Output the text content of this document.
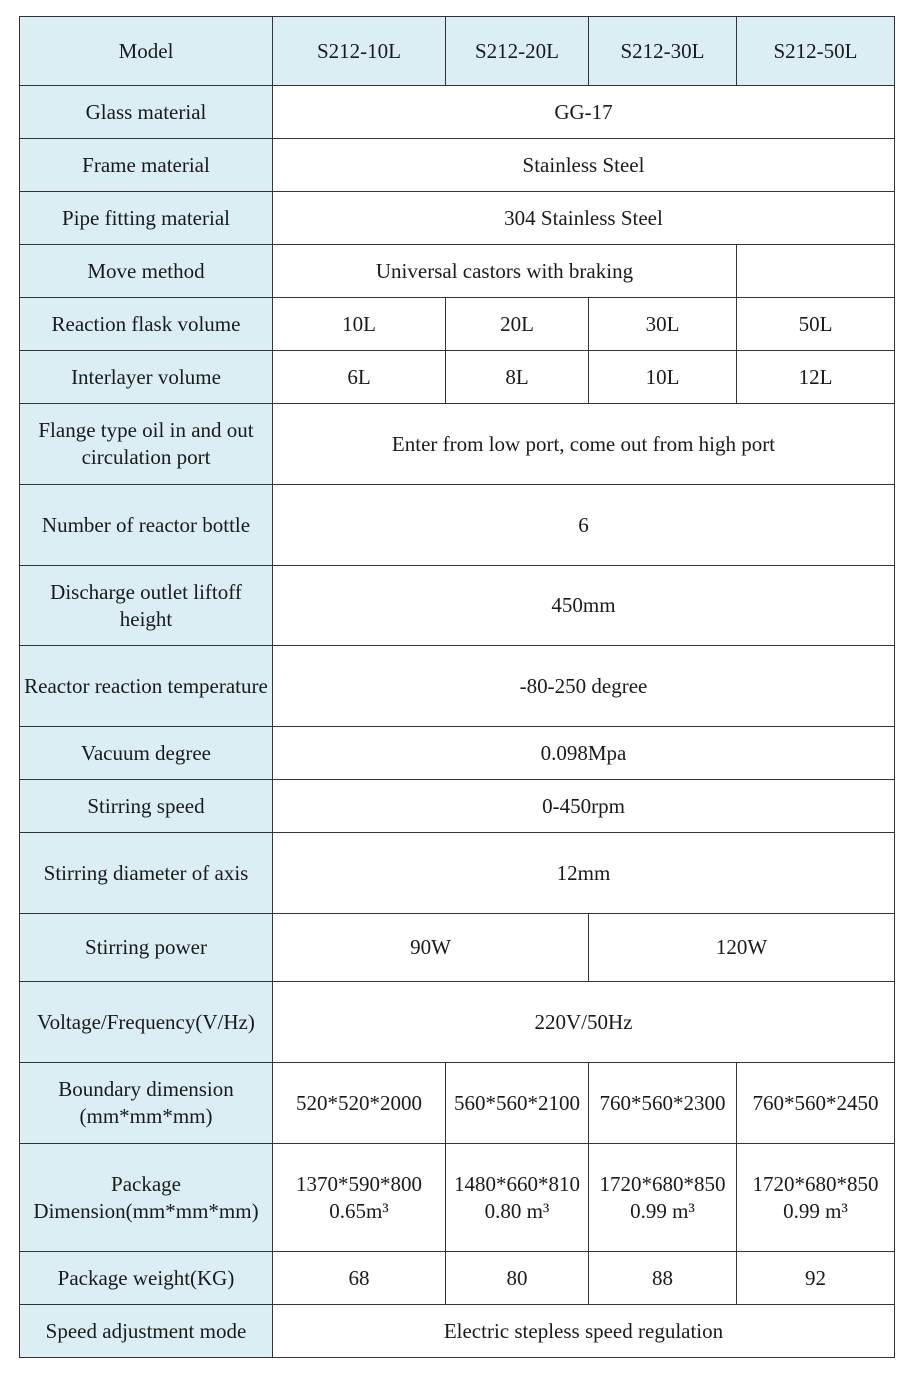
Model	S212-10L	S212-20L	S212-30L	S212-50L
Glass material	GG-17			
Frame material	Stainless Steel			
Pipe fitting material	304 Stainless Steel			
Move method	Universal castors with braking			
Reaction flask volume	10L	20L	30L	50L
Interlayer volume	6L	8L	10L	12L
Flange type oil in and out circulation port	Enter from low port, come out from high port			
Number of reactor bottle	6			
Discharge outlet liftoff height	450mm			
Reactor reaction temperature	-80-250 degree			
Vacuum degree	0.098Mpa			
Stirring speed	0-450rpm			
Stirring diameter of axis	12mm			
Stirring power	90W		120W	
Voltage/Frequency(V/Hz)	220V/50Hz			
Boundary dimension (mm*mm*mm)	520*520*2000	560*560*2100	760*560*2300	760*560*2450
Package Dimension(mm*mm*mm)	1370*590*800 0.65m³	1480*660*810 0.80 m³	1720*680*850 0.99 m³	1720*680*850 0.99 m³
Package weight(KG)	68	80	88	92
Speed adjustment mode	Electric stepless speed regulation			
